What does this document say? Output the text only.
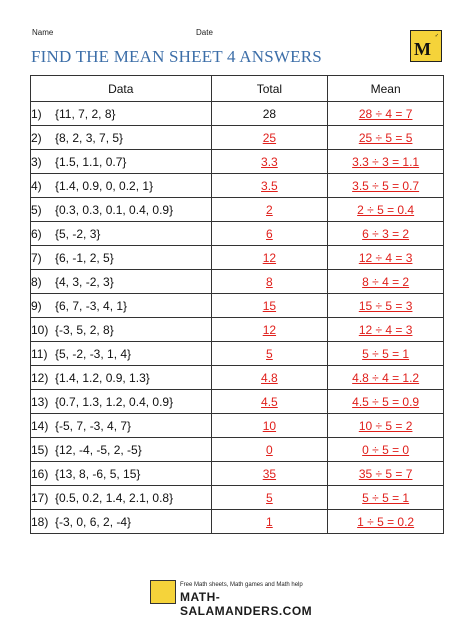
Name	Date
M
✓
FIND THE MEAN SHEET 4 ANSWERS
Data	Total	Mean
1) {11, 7, 2, 8}	28	28 ÷ 4 = 7
2) {8, 2, 3, 7, 5}	25	25 ÷ 5 = 5
3) {1.5, 1.1, 0.7}	3.3	3.3 ÷ 3 = 1.1
4) {1.4, 0.9, 0, 0.2, 1}	3.5	3.5 ÷ 5 = 0.7
5) {0.3, 0.3, 0.1, 0.4, 0.9}	2	2 ÷ 5 = 0.4
6) {5, -2, 3}	6	6 ÷ 3 = 2
7) {6, -1, 2, 5}	12	12 ÷ 4 = 3
8) {4, 3, -2, 3}	8	8 ÷ 4 = 2
9) {6, 7, -3, 4, 1}	15	15 ÷ 5 = 3
10) {-3, 5, 2, 8}	12	12 ÷ 4 = 3
11) {5, -2, -3, 1, 4}	5	5 ÷ 5 = 1
12) {1.4, 1.2, 0.9, 1.3}	4.8	4.8 ÷ 4 = 1.2
13) {0.7, 1.3, 1.2, 0.4, 0.9}	4.5	4.5 ÷ 5 = 0.9
14) {-5, 7, -3, 4, 7}	10	10 ÷ 5 = 2
15) {12, -4, -5, 2, -5}	0	0 ÷ 5 = 0
16) {13, 8, -6, 5, 15}	35	35 ÷ 5 = 7
17) {0.5, 0.2, 1.4, 2.1, 0.8}	5	5 ÷ 5 = 1
18) {-3, 0, 6, 2, -4}	1	1 ÷ 5 = 0.2
Free Math sheets, Math games and Math help
MATH-SALAMANDERS.COM
